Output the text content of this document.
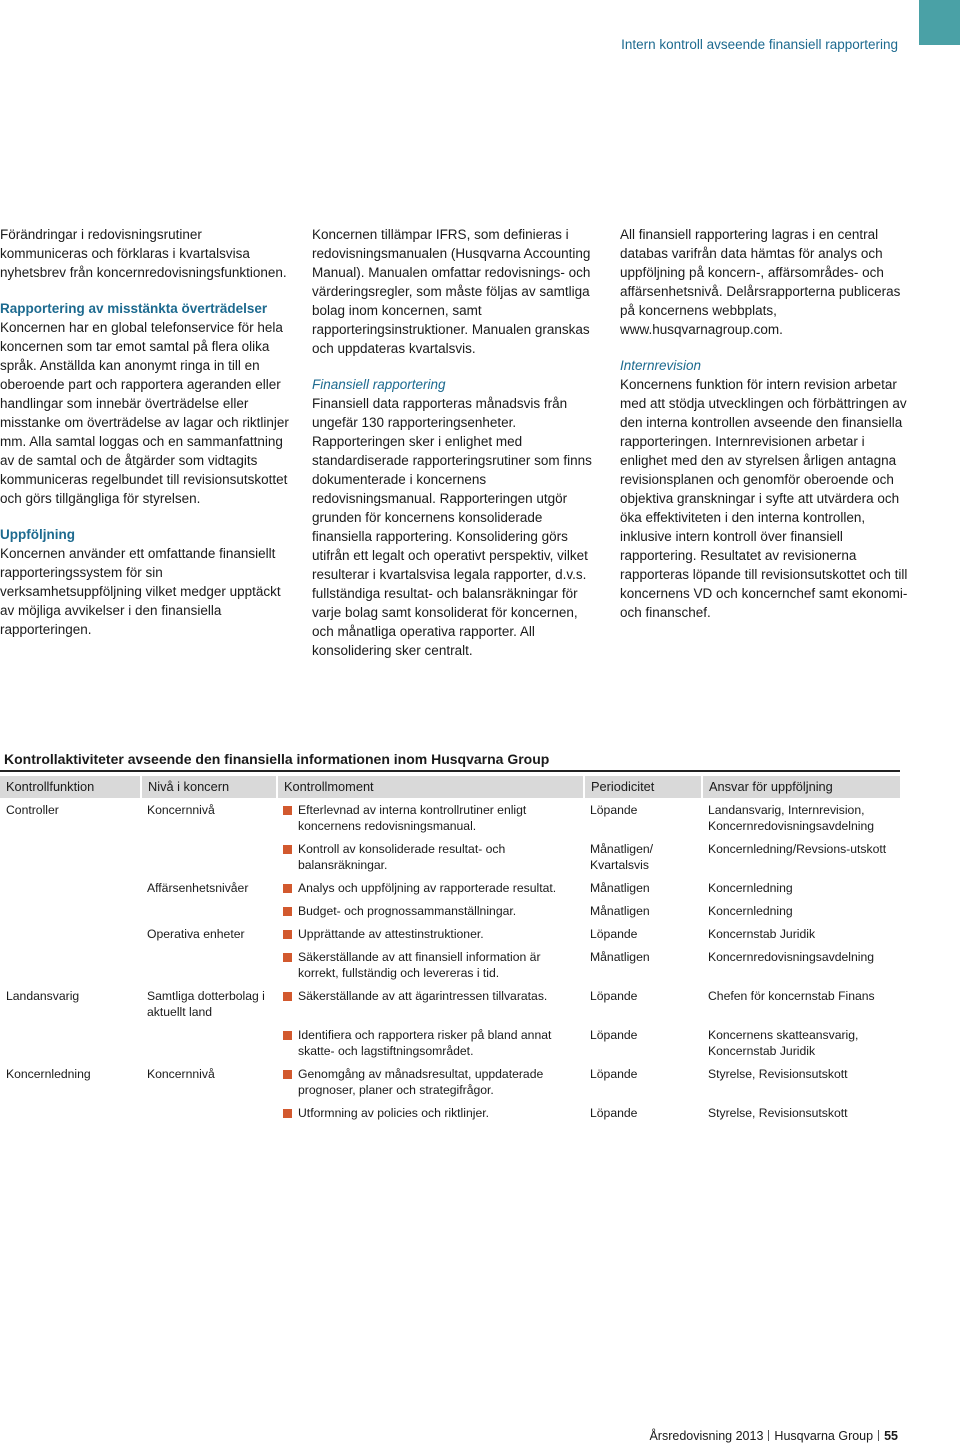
Intern kontroll avseende finansiell rapportering

Förändringar i redovisningsrutiner kommuniceras och förklaras i kvartalsvisa nyhetsbrev från koncernredovisningsfunktionen.

Rapportering av misstänkta överträdelser
Koncernen har en global telefonservice för hela koncernen som tar emot samtal på flera olika språk. Anställda kan anonymt ringa in till en oberoende part och rapportera ageranden eller handlingar som innebär överträdelse eller misstanke om överträdelse av lagar och riktlinjer mm. Alla samtal loggas och en sammanfattning av de samtal och de åtgärder som vidtagits kommuniceras regelbundet till revisionsutskottet och görs tillgängliga för styrelsen.

Uppföljning
Koncernen använder ett omfattande finansiellt rapporteringssystem för sin verksamhetsuppföljning vilket medger upptäckt av möjliga avvikelser i den finansiella rapporteringen.

Koncernen tillämpar IFRS, som definieras i redovisningsmanualen (Husqvarna Accounting Manual). Manualen omfattar redovisnings- och värderingsregler, som måste följas av samtliga bolag inom koncernen, samt rapporteringsinstruktioner. Manualen granskas och uppdateras kvartalsvis.

Finansiell rapportering
Finansiell data rapporteras månadsvis från ungefär 130 rapporteringsenheter. Rapporteringen sker i enlighet med standardiserade rapporteringsrutiner som finns dokumenterade i koncernens redovisningsmanual. Rapporteringen utgör grunden för koncernens konsoliderade finansiella rapportering. Konsolidering görs utifrån ett legalt och operativt perspektiv, vilket resulterar i kvartalsvisa legala rapporter, d.v.s. fullständiga resultat- och balansräkningar för varje bolag samt konsoliderat för koncernen, och månatliga operativa rapporter. All konsolidering sker centralt.

All finansiell rapportering lagras i en central databas varifrån data hämtas för analys och uppföljning på koncern-, affärsområdes- och affärsenhetsnivå. Delårsrapporterna publiceras på koncernens webbplats, www.husqvarnagroup.com.

Internrevision
Koncernens funktion för intern revision arbetar med att stödja utvecklingen och förbättringen av den interna kontrollen avseende den finansiella rapporteringen. Internrevisionen arbetar i enlighet med den av styrelsen årligen antagna revisionsplanen och genomför oberoende och objektiva granskningar i syfte att utvärdera och öka effektiviteten i den interna kontrollen, inklusive intern kontroll över finansiell rapportering. Resultatet av revisionerna rapporteras löpande till revisionsutskottet och till koncernens VD och koncernchef samt ekonomi- och finanschef.

Kontrollaktiviteter avseende den finansiella informationen inom Husqvarna Group
Kontrollfunktion	Nivå i koncern	Kontrollmoment	Periodicitet	Ansvar för uppföljning
Controller	Koncernnivå	Efterlevnad av interna kontrollrutiner enligt koncernens redovisningsmanual.	Löpande	Landansvarig, Internrevision, Koncernredovisningsavdelning

		Kontroll av konsoliderade resultat- och balansräkningar.	Månatligen/ Kvartalsvis	Koncernledning/Revsions-utskott
	Affärsenhetsnivåer	Analys och uppföljning av rapporterade resultat.	Månatligen	Koncernledning

		Budget- och prognossammanställningar.	Månatligen	Koncernledning
	Operativa enheter	Upprättande av attestinstruktioner.	Löpande	Koncernstab Juridik

		Säkerställande av att finansiell information är korrekt, fullständig och levereras i tid.	Månatligen	Koncernredovisningsavdelning
Landansvarig	Samtliga dotterbolag i aktuellt land	Säkerställande av att ägarintressen tillvaratas.	Löpande	Chefen för koncernstab Finans

		Identifiera och rapportera risker på bland annat skatte- och lagstiftningsområdet.	Löpande	Koncernens skatteansvarig, Koncernstab Juridik
Koncernledning	Koncernnivå	Genomgång av månadsresultat, uppdaterade prognoser, planer och strategifrågor.	Löpande	Styrelse, Revisionsutskott

		Utformning av policies och riktlinjer.	Löpande	Styrelse, Revisionsutskott
Årsredovisning 2013 Husqvarna Group 55
